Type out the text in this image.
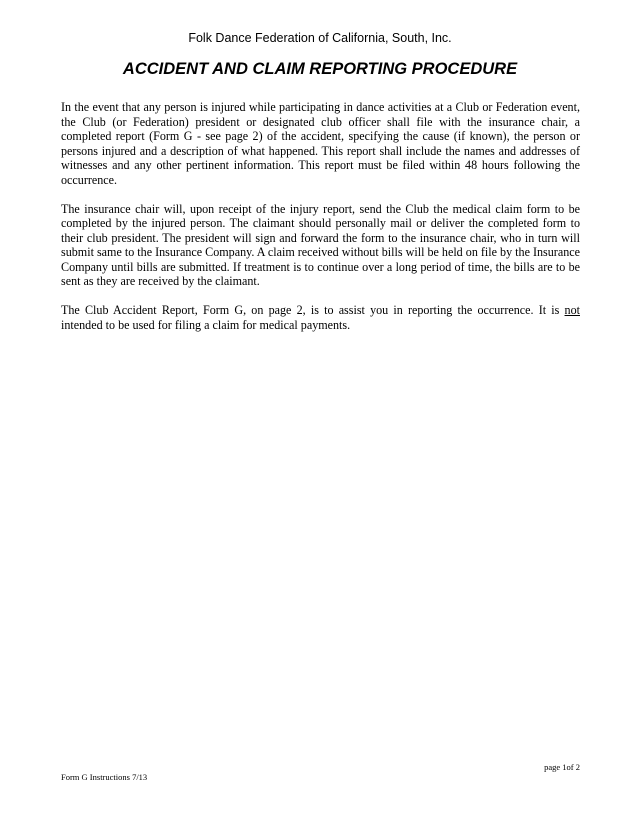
Folk Dance Federation of California, South, Inc.
ACCIDENT AND CLAIM REPORTING PROCEDURE

In the event that any person is injured while participating in dance activities at a Club or Federation event, the Club (or Federation) president or designated club officer shall file with the insurance chair, a completed report (Form G - see page 2) of the accident, specifying the cause (if known), the person or persons injured and a description of what happened. This report shall include the names and addresses of witnesses and any other pertinent information. This report must be filed within 48 hours following the occurrence.

The insurance chair will, upon receipt of the injury report, send the Club the medical claim form to be completed by the injured person. The claimant should personally mail or deliver the completed form to their club president. The president will sign and forward the form to the insurance chair, who in turn will submit same to the Insurance Company. A claim received without bills will be held on file by the Insurance Company until bills are submitted. If treatment is to continue over a long period of time, the bills are to be sent as they are received by the claimant.

The Club Accident Report, Form G, on page 2, is to assist you in reporting the occurrence. It is not intended to be used for filing a claim for medical payments.

page 1of 2
Form G Instructions 7/13
